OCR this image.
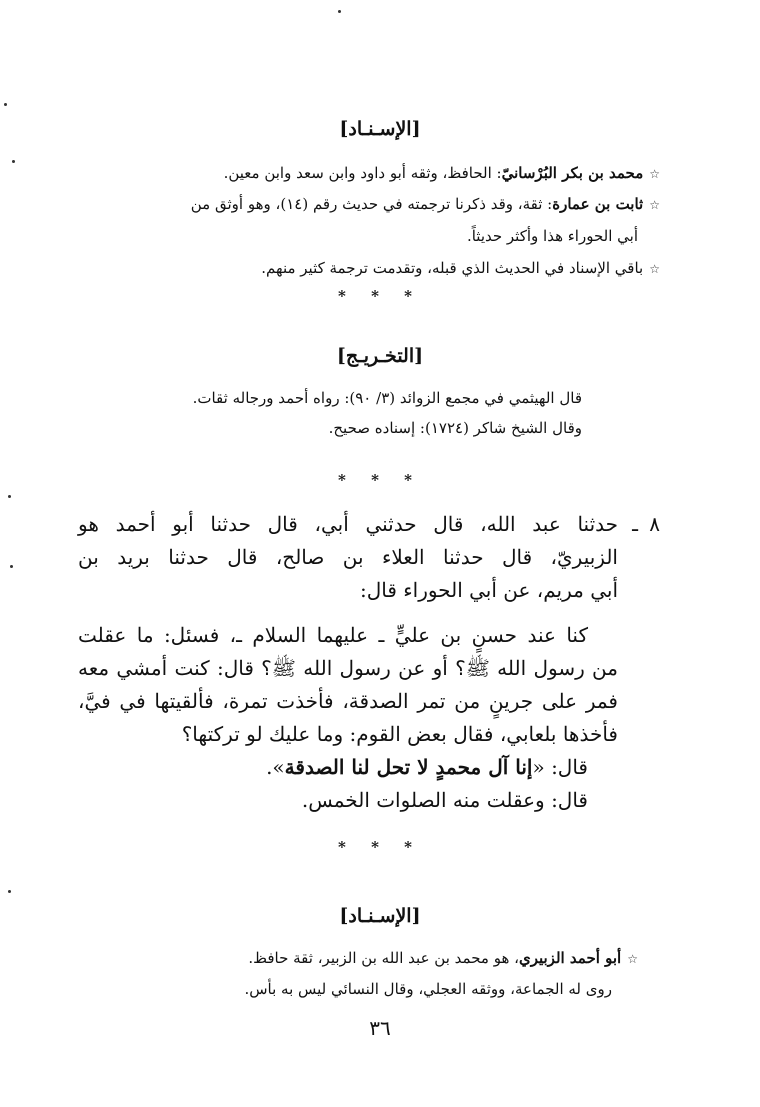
[الإسـنـاد]
☆محمد بن بكر البُرْسانيّ: الحافظ، وثقه أبو داود وابن سعد وابن معين.
☆ثابت بن عمارة: ثقة، وقد ذكرنا ترجمته في حديث رقم (١٤)، وهو أوثق من
أبي الحوراء هذا وأكثر حديثاً.
☆باقي الإسناد في الحديث الذي قبله، وتقدمت ترجمة كثير منهم.
* * *
[التخـريـج]
قال الهيثمي في مجمع الزوائد (٣/ ٩٠): رواه أحمد ورجاله ثقات.
وقال الشيخ شاكر (١٧٢٤): إسناده صحيح.
* * *
٨
ـ
حدثنا عبد الله، قال حدثني أبي، قال حدثنا أبو أحمد هو
الزبيريّ، قال حدثنا العلاء بن صالح، قال حدثنا بريد بن
أبي مريم، عن أبي الحوراء قال:
كنا عند حسنٍ بن عليٍّ ـ عليهما السلام ـ، فسئل: ما عقلت
من رسول الله ﷺ؟ أو عن رسول الله ﷺ؟ قال: كنت أمشي معه
فمر على جرينٍ من تمر الصدقة، فأخذت تمرة، فألقيتها في فيَّ،
فأخذها بلعابي، فقال بعض القوم: وما عليك لو تركتها؟
قال: «إنا آل محمدٍ لا تحل لنا الصدقة».
قال: وعقلت منه الصلوات الخمس.
* * *
[الإسـنـاد]
☆أبو أحمد الزبيري، هو محمد بن عبد الله بن الزبير، ثقة حافظ.
روى له الجماعة، ووثقه العجلي، وقال النسائي ليس به بأس.
٣٦
